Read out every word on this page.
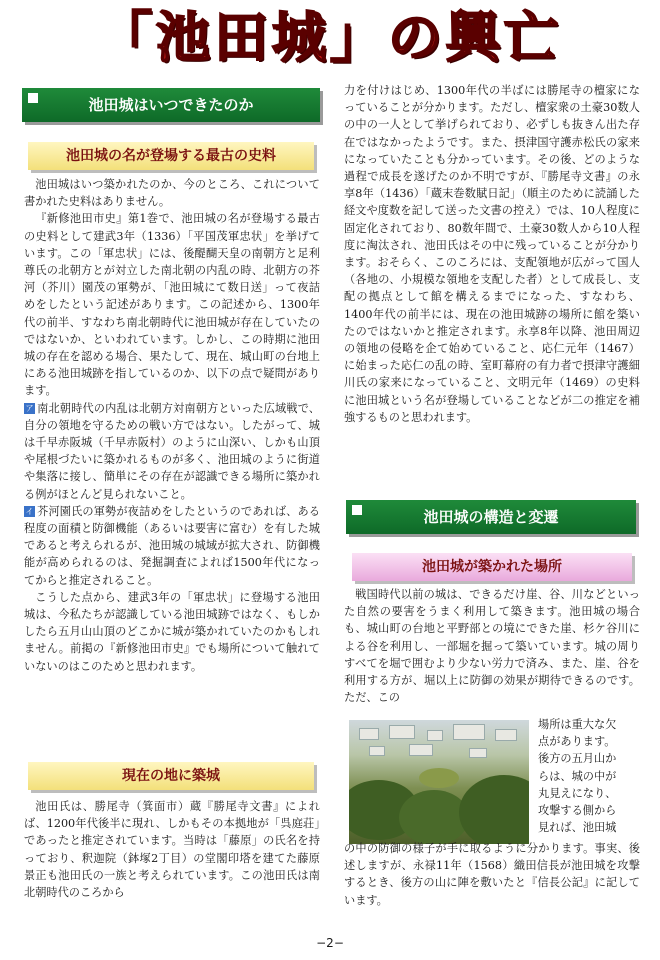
「池田城」の興亡
池田城はいつできたのか
池田城の名が登場する最古の史料

池田城はいつ築かれたのか、今のところ、これについて書かれた史料はありません。

『新修池田市史』第1巻で、池田城の名が登場する最古の史料として建武3年（1336）「平国茂軍忠状」を挙げています。この「軍忠状」には、後醍醐天皇の南朝方と足利尊氏の北朝方とが対立した南北朝の内乱の時、北朝方の芥河（芥川）園茂の軍勢が、「池田城にて数日送」って夜詰めをしたという記述があります。この記述から、1300年代の前半、すなわち南北朝時代に池田城が存在していたのではないか、といわれています。しかし、この時期に池田城の存在を認める場合、果たして、現在、城山町の台地上にある池田城跡を指しているのか、以下の点で疑問があります。

ア 南北朝時代の内乱は北朝方対南朝方といった広域戦で、自分の領地を守るための戦い方ではない。したがって、城は千早赤阪城（千早赤阪村）のように山深い、しかも山頂や尾根づたいに築かれるものが多く、池田城のように街道や集落に接し、簡単にその存在が認識できる場所に築かれる例がほとんど見られないこと。

イ 芥河園氏の軍勢が夜詰めをしたというのであれば、ある程度の面積と防御機能（あるいは要害に富む）を有した城であると考えられるが、池田城の城域が拡大され、防御機能が高められるのは、発掘調査によれば1500年代になってからと推定されること。

こうした点から、建武3年の「軍忠状」に登場する池田城は、今私たちが認識している池田城跡ではなく、もしかしたら五月山山頂のどこかに城が築かれていたのかもしれません。前掲の『新修池田市史』でも場所について触れていないのはこのためと思われます。

現在の地に築城

池田氏は、勝尾寺（箕面市）蔵『勝尾寺文書』によれば、1200年代後半に現れ、しかもその本拠地が「呉庭荘」であったと推定されています。当時は「藤原」の氏名を持っており、釈迦院（鉢塚2丁目）の堂閣印塔を建てた藤原景正も池田氏の一族と考えられています。この池田氏は南北朝時代のころから

力を付けはじめ、1300年代の半ばには勝尾寺の檀家になっていることが分かります。ただし、檀家衆の土豪30数人の中の一人として挙げられており、必ずしも抜きん出た存在ではなかったようです。また、摂津国守護赤松氏の家来になっていたことも分かっています。その後、どのような過程で成長を遂げたのか不明ですが、『勝尾寺文書』の永享8年（1436）「蔵末巻数賦日記」（順主のために読誦した経文や度数を記して送った文書の控え）では、10人程度に固定化されており、80数年間で、土豪30数人から10人程度に淘汰され、池田氏はその中に残っていることが分かります。おそらく、このころには、支配領地が広がって国人（各地の、小規模な領地を支配した者）として成長し、支配の拠点として館を構えるまでになった、すなわち、1400年代の前半には、現在の池田城跡の場所に館を築いたのではないかと推定されます。永享8年以降、池田周辺の領地の侵略を企て始めていること、応仁元年（1467）に始まった応仁の乱の時、室町幕府の有力者で摂津守護細川氏の家来になっていること、文明元年（1469）の史料に池田城という名が登場していることなどが二の推定を補強するものと思われます。

池田城の構造と変遷
池田城が築かれた場所

戦国時代以前の城は、できるだけ崖、谷、川などといった自然の要害をうまく利用して築きます。池田城の場合も、城山町の台地と平野部との境にできた崖、杉ケ谷川による谷を利用し、一部堀を掘って築いています。城の周りすべてを堀で囲むより少ない労力で済み、また、崖、谷を利用する方が、堀以上に防御の効果が期待できるのです。ただ、この

場所は重大な欠

点があります。

後方の五月山か

らは、城の中が

丸見えになり、

攻撃する側から

見れば、池田城

の中の防御の様子が手に取るように分かります。事実、後述しますが、永禄11年（1568）織田信長が池田城を攻撃するとき、後方の山に陣を敷いたと『信長公記』に記しています。

−2−
